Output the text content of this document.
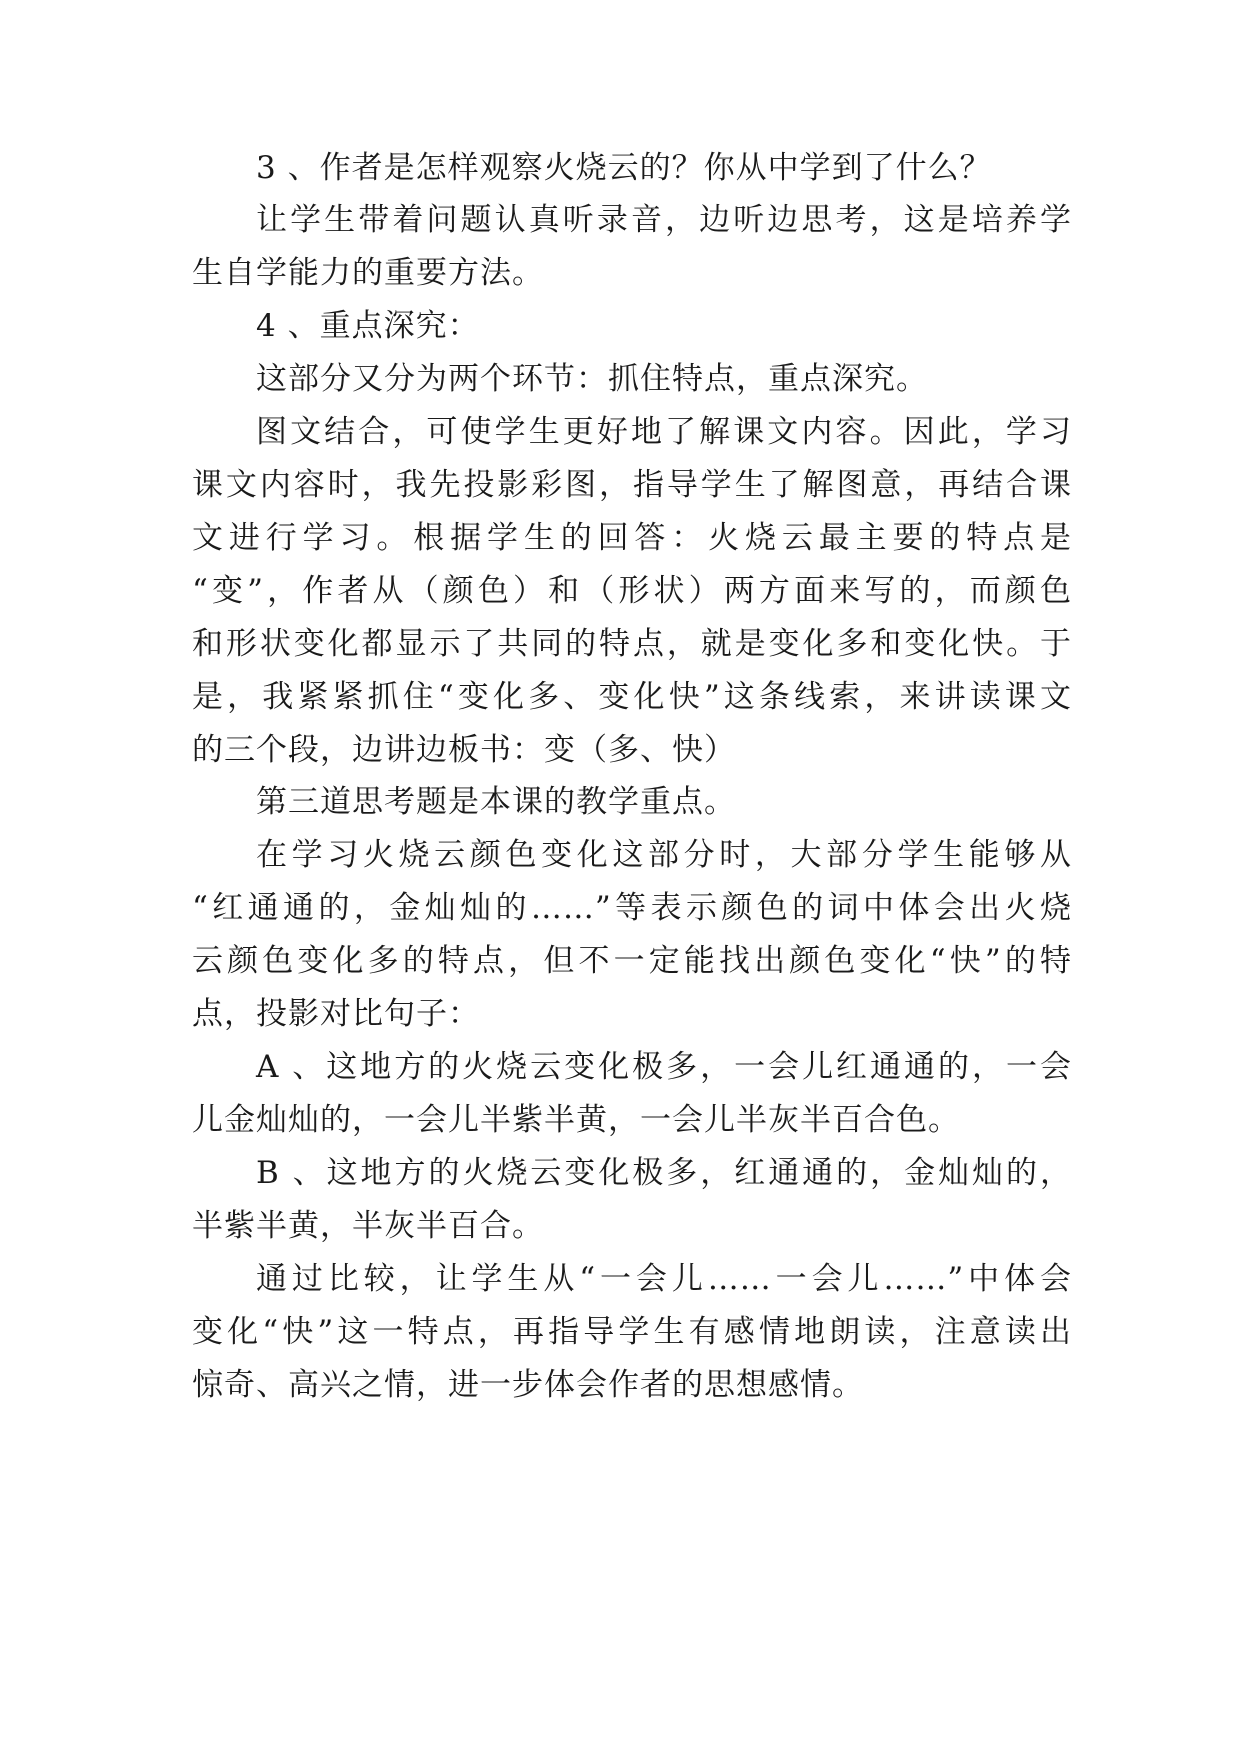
3 、作者是怎样观察火烧云的？你从中学到了什么？
让学生带着问题认真听录音，边听边思考，这是培养学
生自学能力的重要方法。
4 、重点深究：
这部分又分为两个环节：抓住特点，重点深究。
图文结合，可使学生更好地了解课文内容。因此，学习
课文内容时，我先投影彩图，指导学生了解图意，再结合课
文进行学习。根据学生的回答：火烧云最主要的特点是
“变”，作者从（颜色）和（形状）两方面来写的，而颜色
和形状变化都显示了共同的特点，就是变化多和变化快。于
是，我紧紧抓住“变化多、变化快”这条线索，来讲读课文
的三个段，边讲边板书：变（多、快）
第三道思考题是本课的教学重点。
在学习火烧云颜色变化这部分时，大部分学生能够从
“红通通的，金灿灿的……”等表示颜色的词中体会出火烧
云颜色变化多的特点，但不一定能找出颜色变化“快”的特
点，投影对比句子：
A 、这地方的火烧云变化极多，一会儿红通通的，一会
儿金灿灿的，一会儿半紫半黄，一会儿半灰半百合色。
B 、这地方的火烧云变化极多，红通通的，金灿灿的，
半紫半黄，半灰半百合。
通过比较，让学生从“一会儿……一会儿……”中体会
变化“快”这一特点，再指导学生有感情地朗读，注意读出
惊奇、高兴之情，进一步体会作者的思想感情。
